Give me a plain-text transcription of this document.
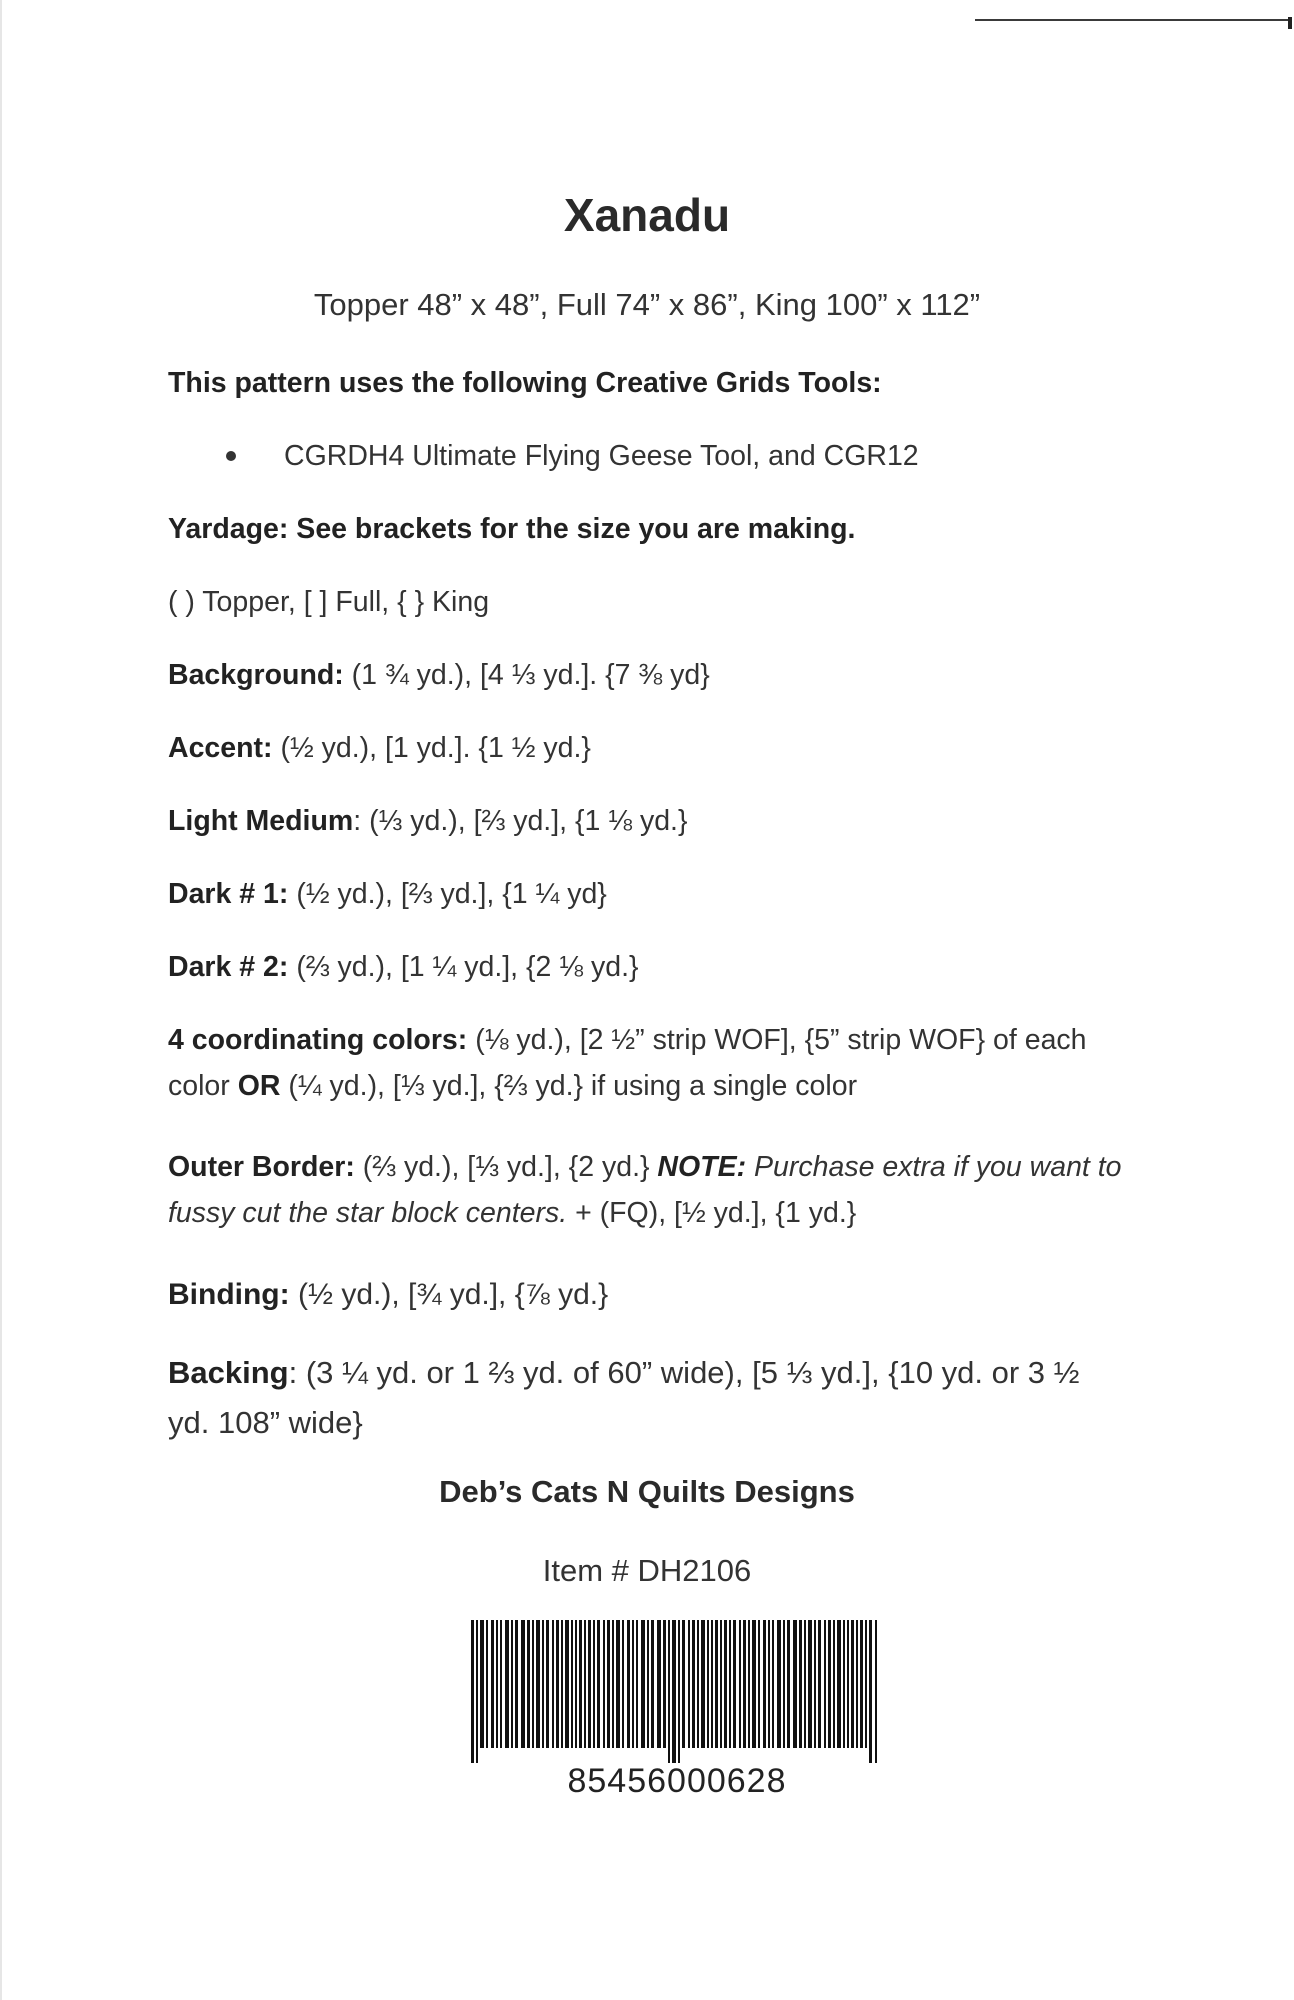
Xanadu
Topper 48” x 48”, Full 74” x 86”, King 100” x 112”
This pattern uses the following Creative Grids Tools:
CGRDH4 Ultimate Flying Geese Tool, and CGR12
Yardage: See brackets for the size you are making.
( ) Topper, [ ] Full, { } King
Background: (1 ¾ yd.), [4 ⅓ yd.]. {7 ⅜ yd}
Accent: (½ yd.), [1 yd.]. {1 ½ yd.}
Light Medium: (⅓ yd.), [⅔ yd.], {1 ⅛ yd.}
Dark # 1: (½ yd.), [⅔ yd.], {1 ¼ yd}
Dark # 2: (⅔ yd.), [1 ¼ yd.], {2 ⅛ yd.}
4 coordinating colors: (⅛ yd.), [2 ½” strip WOF], {5” strip WOF} of each color OR (¼ yd.), [⅓ yd.], {⅔ yd.} if using a single color
Outer Border: (⅔ yd.), [⅓ yd.], {2 yd.} NOTE: Purchase extra if you want to fussy cut the star block centers. + (FQ), [½ yd.], {1 yd.}
Binding: (½ yd.), [¾ yd.], {⅞ yd.}
Backing: (3 ¼ yd. or 1 ⅔ yd. of 60” wide), [5 ⅓ yd.], {10 yd. or 3 ½ yd. 108” wide}
Deb’s Cats N Quilts Designs
Item # DH2106
85456000628
